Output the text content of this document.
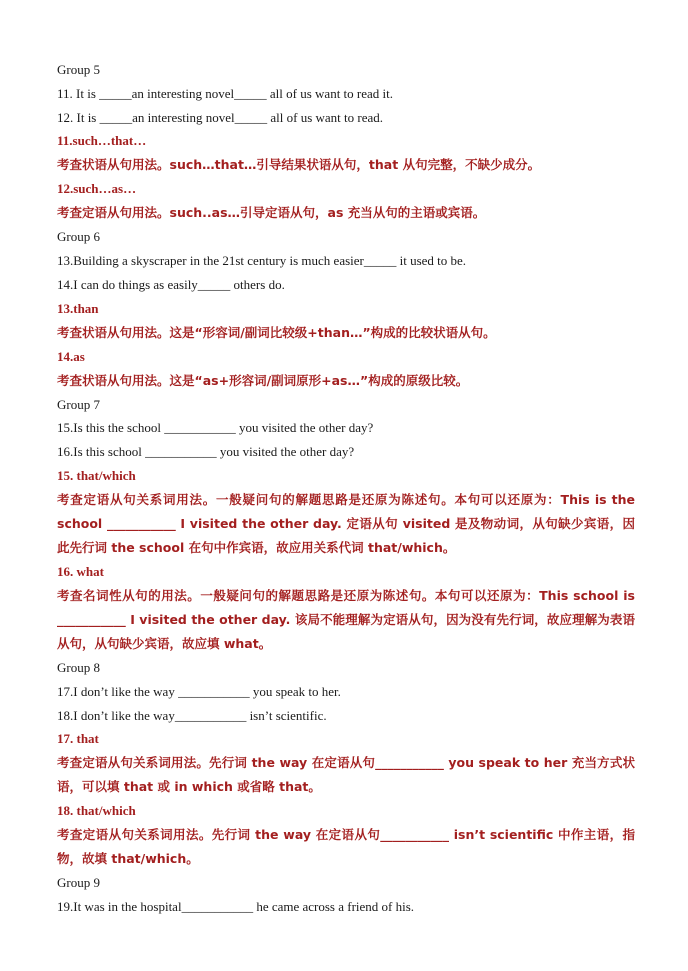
Group 5
11. It is _____an interesting novel_____ all of us want to read it.
12. It is _____an interesting novel_____ all of us want to read.
11.such…that…
考查状语从句用法。such…that…引导结果状语从句，that 从句完整，不缺少成分。
12.such…as…
考查定语从句用法。such..as…引导定语从句，as 充当从句的主语或宾语。
Group 6
13.Building a skyscraper in the 21st century is much easier_____ it used to be.
14.I can do things as easily_____ others do.
13.than
考查状语从句用法。这是“形容词/副词比较级+than…”构成的比较状语从句。
14.as
考查状语从句用法。这是“as+形容词/副词原形+as…”构成的原级比较。
Group 7
15.Is this the school ___________ you visited the other day?
16.Is this school ___________ you visited the other day?
15. that/which
考查定语从句关系词用法。一般疑问句的解题思路是还原为陈述句。本句可以还原为：This is the school ___________ I visited the other day. 定语从句 visited 是及物动词，从句缺少宾语，因此先行词 the school 在句中作宾语，故应用关系代词 that/which。
16. what
考查名词性从句的用法。一般疑问句的解题思路是还原为陈述句。本句可以还原为：This school is ___________ I visited the other day. 该局不能理解为定语从句，因为没有先行词，故应理解为表语从句，从句缺少宾语，故应填 what。
Group 8
17.I don’t like the way ___________ you speak to her.
18.I don’t like the way___________ isn’t scientific.
17. that
考查定语从句关系词用法。先行词 the way 在定语从句___________ you speak to her 充当方式状语，可以填 that 或 in which 或省略 that。
18. that/which
考查定语从句关系词用法。先行词 the way 在定语从句___________ isn’t scientific 中作主语，指物，故填 that/which。
Group 9
19.It was in the hospital___________ he came across a friend of his.
